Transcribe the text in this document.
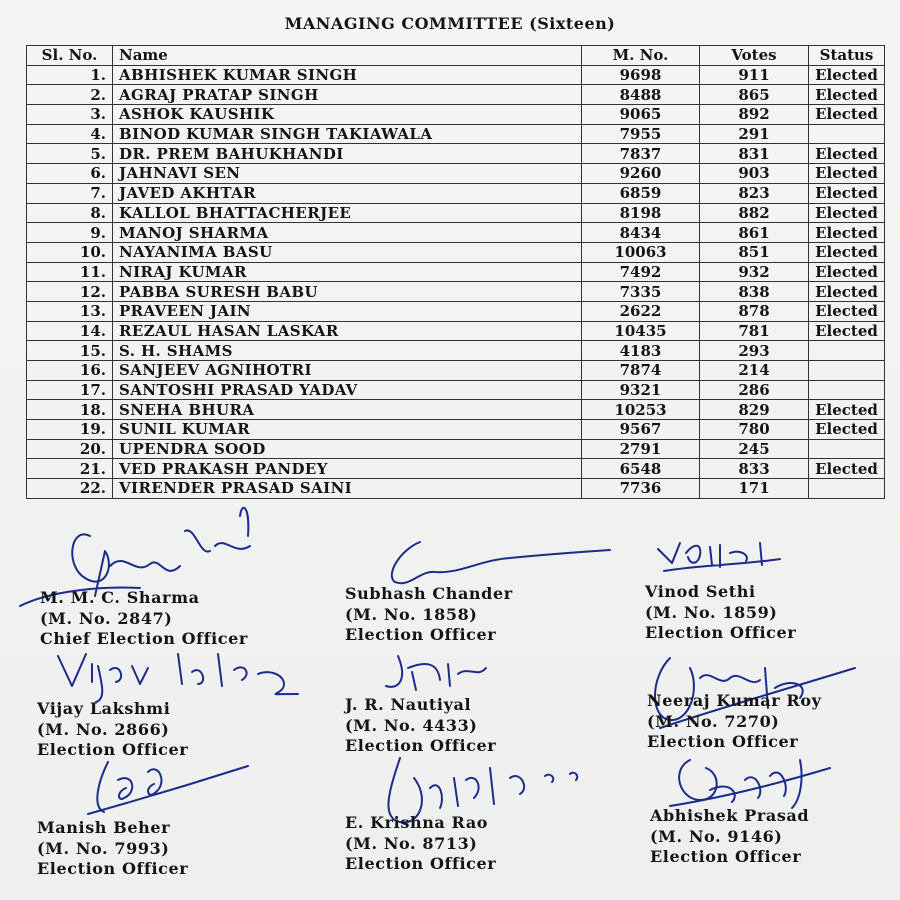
MANAGING COMMITTEE (Sixteen)
Sl. No.	Name	M. No.	Votes	Status
1.	ABHISHEK KUMAR SINGH	9698	911	Elected
2.	AGRAJ PRATAP SINGH	8488	865	Elected
3.	ASHOK KAUSHIK	9065	892	Elected
4.	BINOD KUMAR SINGH TAKIAWALA	7955	291	
5.	DR. PREM BAHUKHANDI	7837	831	Elected
6.	JAHNAVI SEN	9260	903	Elected
7.	JAVED AKHTAR	6859	823	Elected
8.	KALLOL BHATTACHERJEE	8198	882	Elected
9.	MANOJ SHARMA	8434	861	Elected
10.	NAYANIMA BASU	10063	851	Elected
11.	NIRAJ KUMAR	7492	932	Elected
12.	PABBA SURESH BABU	7335	838	Elected
13.	PRAVEEN JAIN	2622	878	Elected
14.	REZAUL HASAN LASKAR	10435	781	Elected
15.	S. H. SHAMS	4183	293	
16.	SANJEEV AGNIHOTRI	7874	214	
17.	SANTOSHI PRASAD YADAV	9321	286	
18.	SNEHA BHURA	10253	829	Elected
19.	SUNIL KUMAR	9567	780	Elected
20.	UPENDRA SOOD	2791	245	
21.	VED PRAKASH PANDEY	6548	833	Elected
22.	VIRENDER PRASAD SAINI	7736	171	
M. M. C. Sharma
(M. No. 2847)
Chief Election Officer
Subhash Chander
(M. No. 1858)
Election Officer
Vinod Sethi
(M. No. 1859)
Election Officer
Vijay Lakshmi
(M. No. 2866)
Election Officer
J. R. Nautiyal
(M. No. 4433)
Election Officer
Neeraj Kumar Roy
(M. No. 7270)
Election Officer
Manish Beher
(M. No. 7993)
Election Officer
E. Krishna Rao
(M. No. 8713)
Election Officer
Abhishek Prasad
(M. No. 9146)
Election Officer
